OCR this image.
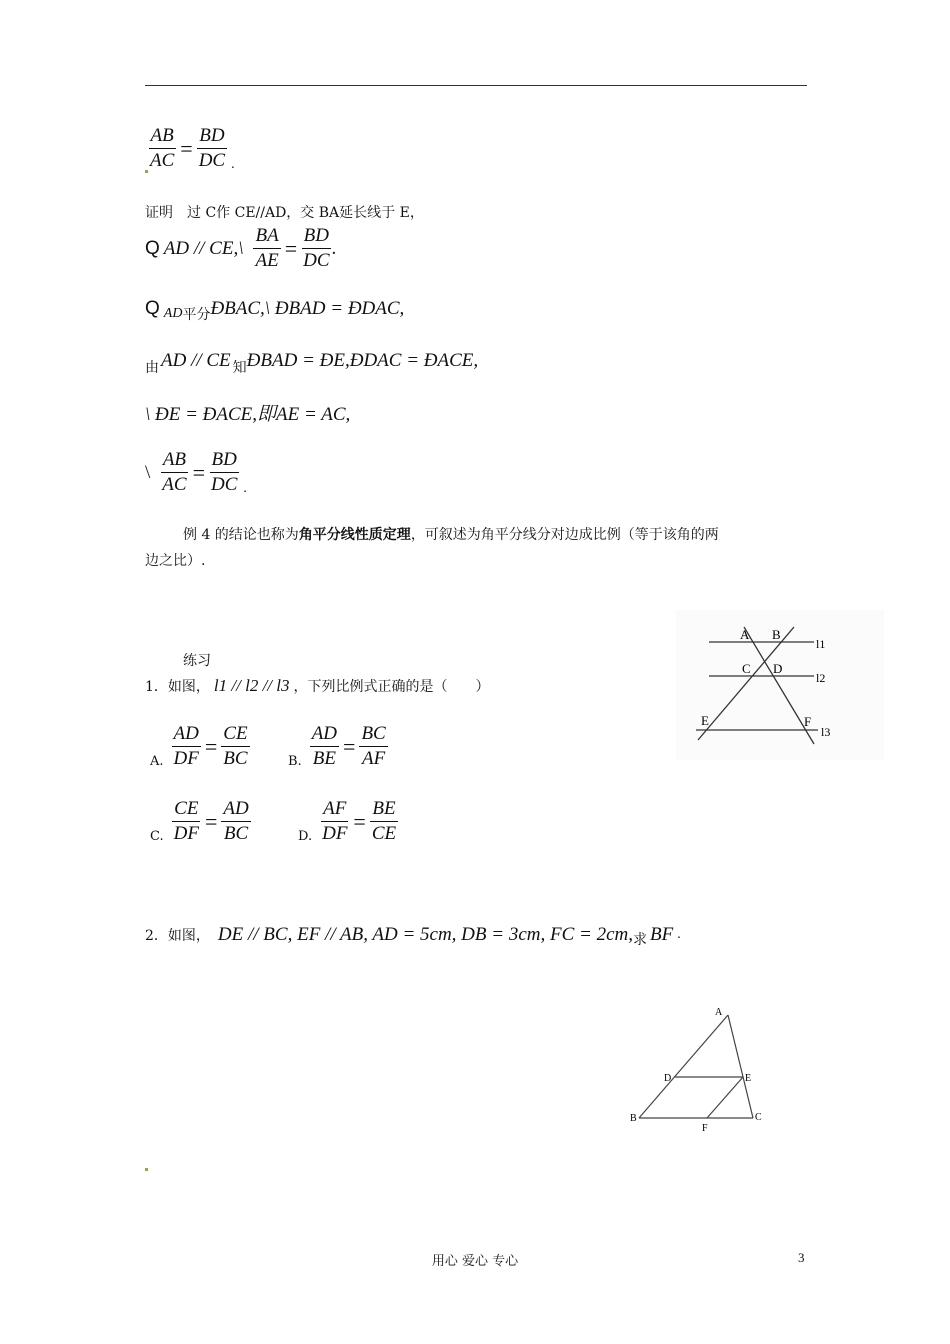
$\frac{AB}{AC} = \frac{BD}{DC}$ .
证明　过 C作 CE//AD，交 BA延长线于 E，
Q AD // CE,\ $\frac{BA}{AE} = \frac{BD}{DC}$ .
Q AD 平分 ÐBAC,\ ÐBAD = ÐDAC,
由 AD // CE 知 ÐBAD = ÐE,ÐDAC = ÐACE,
\ ÐE = ÐACE,即AE = AC,
\ $\frac{AB}{AC} = \frac{BD}{DC}$ .
例 4 的结论也称为角平分线性质定理，可叙述为角平分线分对边成比例（等于该角的两
边之比）.
A B
C D
E	F
l1
l2
l3
练习
1．如图， l1 // l2 // l3 ，下列比例式正确的是（　　）
A. $\frac{AD}{DF} = \frac{CE}{BC}$	B. $\frac{AD}{BE} = \frac{BC}{AF}$
C. $\frac{CE}{DF} = \frac{AD}{BC}$	D. $\frac{AF}{DF} = \frac{BE}{CE}$
2．如图， DE // BC, EF // AB, AD = 5cm, DB = 3cm, FC = 2cm, 求 BF .
A
D	E
B
F
C
用心 爱心 专心	3
